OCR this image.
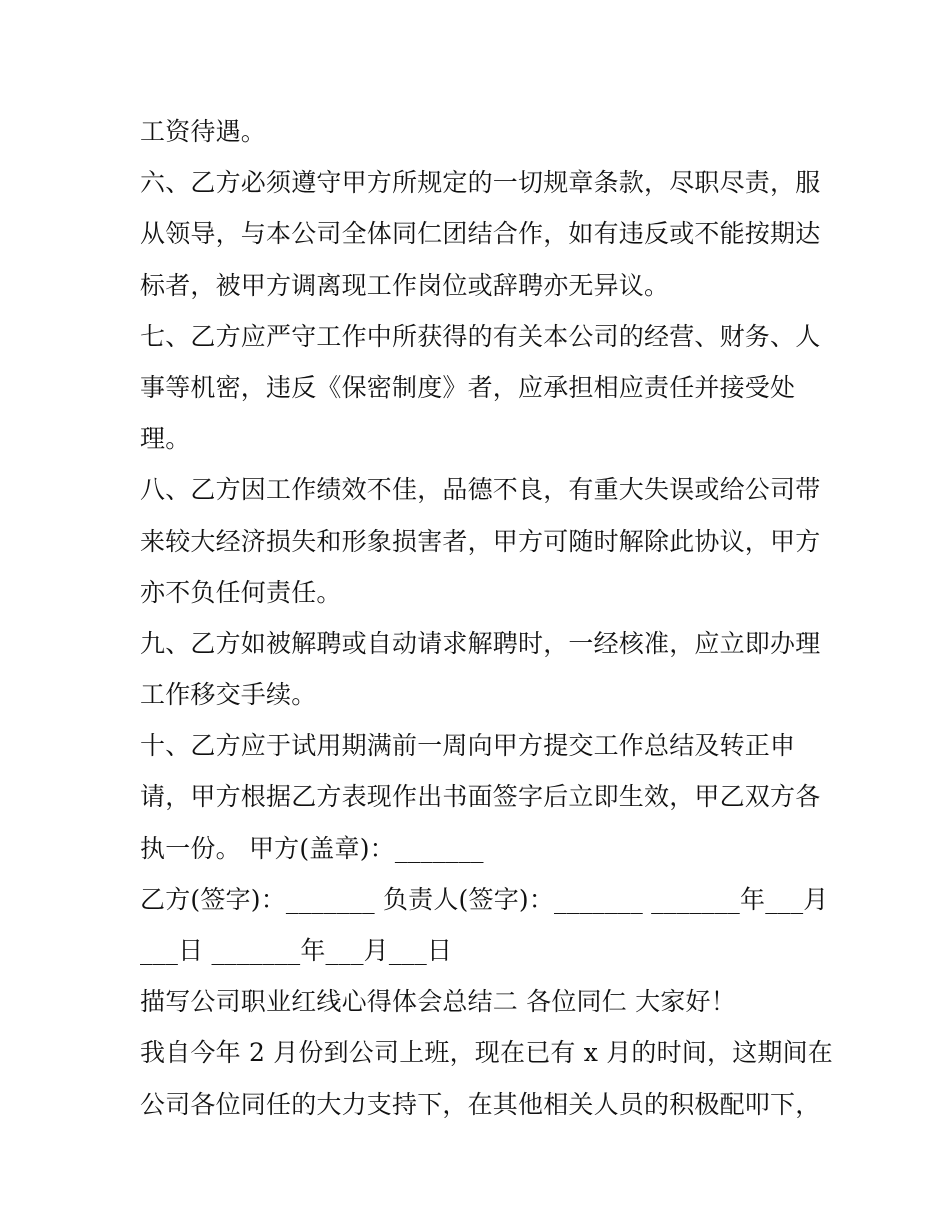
工资待遇。
六、乙方必须遵守甲方所规定的一切规章条款，尽职尽责，服
从领导，与本公司全体同仁团结合作，如有违反或不能按期达
标者，被甲方调离现工作岗位或辞聘亦无异议。
七、乙方应严守工作中所获得的有关本公司的经营、财务、人
事等机密，违反《保密制度》者，应承担相应责任并接受处
理。
八、乙方因工作绩效不佳，品德不良，有重大失误或给公司带
来较大经济损失和形象损害者，甲方可随时解除此协议，甲方
亦不负任何责任。
九、乙方如被解聘或自动请求解聘时，一经核准，应立即办理
工作移交手续。
十、乙方应于试用期满前一周向甲方提交工作总结及转正申
请，甲方根据乙方表现作出书面签字后立即生效，甲乙双方各
执一份。 甲方(盖章)：_______
乙方(签字)：_______ 负责人(签字)：_______ _______年___月
___日 _______年___月___日
描写公司职业红线心得体会总结二 各位同仁 大家好！
我自今年 2 月份到公司上班，现在已有 x 月的时间，这期间在
公司各位同任的大力支持下，在其他相关人员的积极配叩下，
